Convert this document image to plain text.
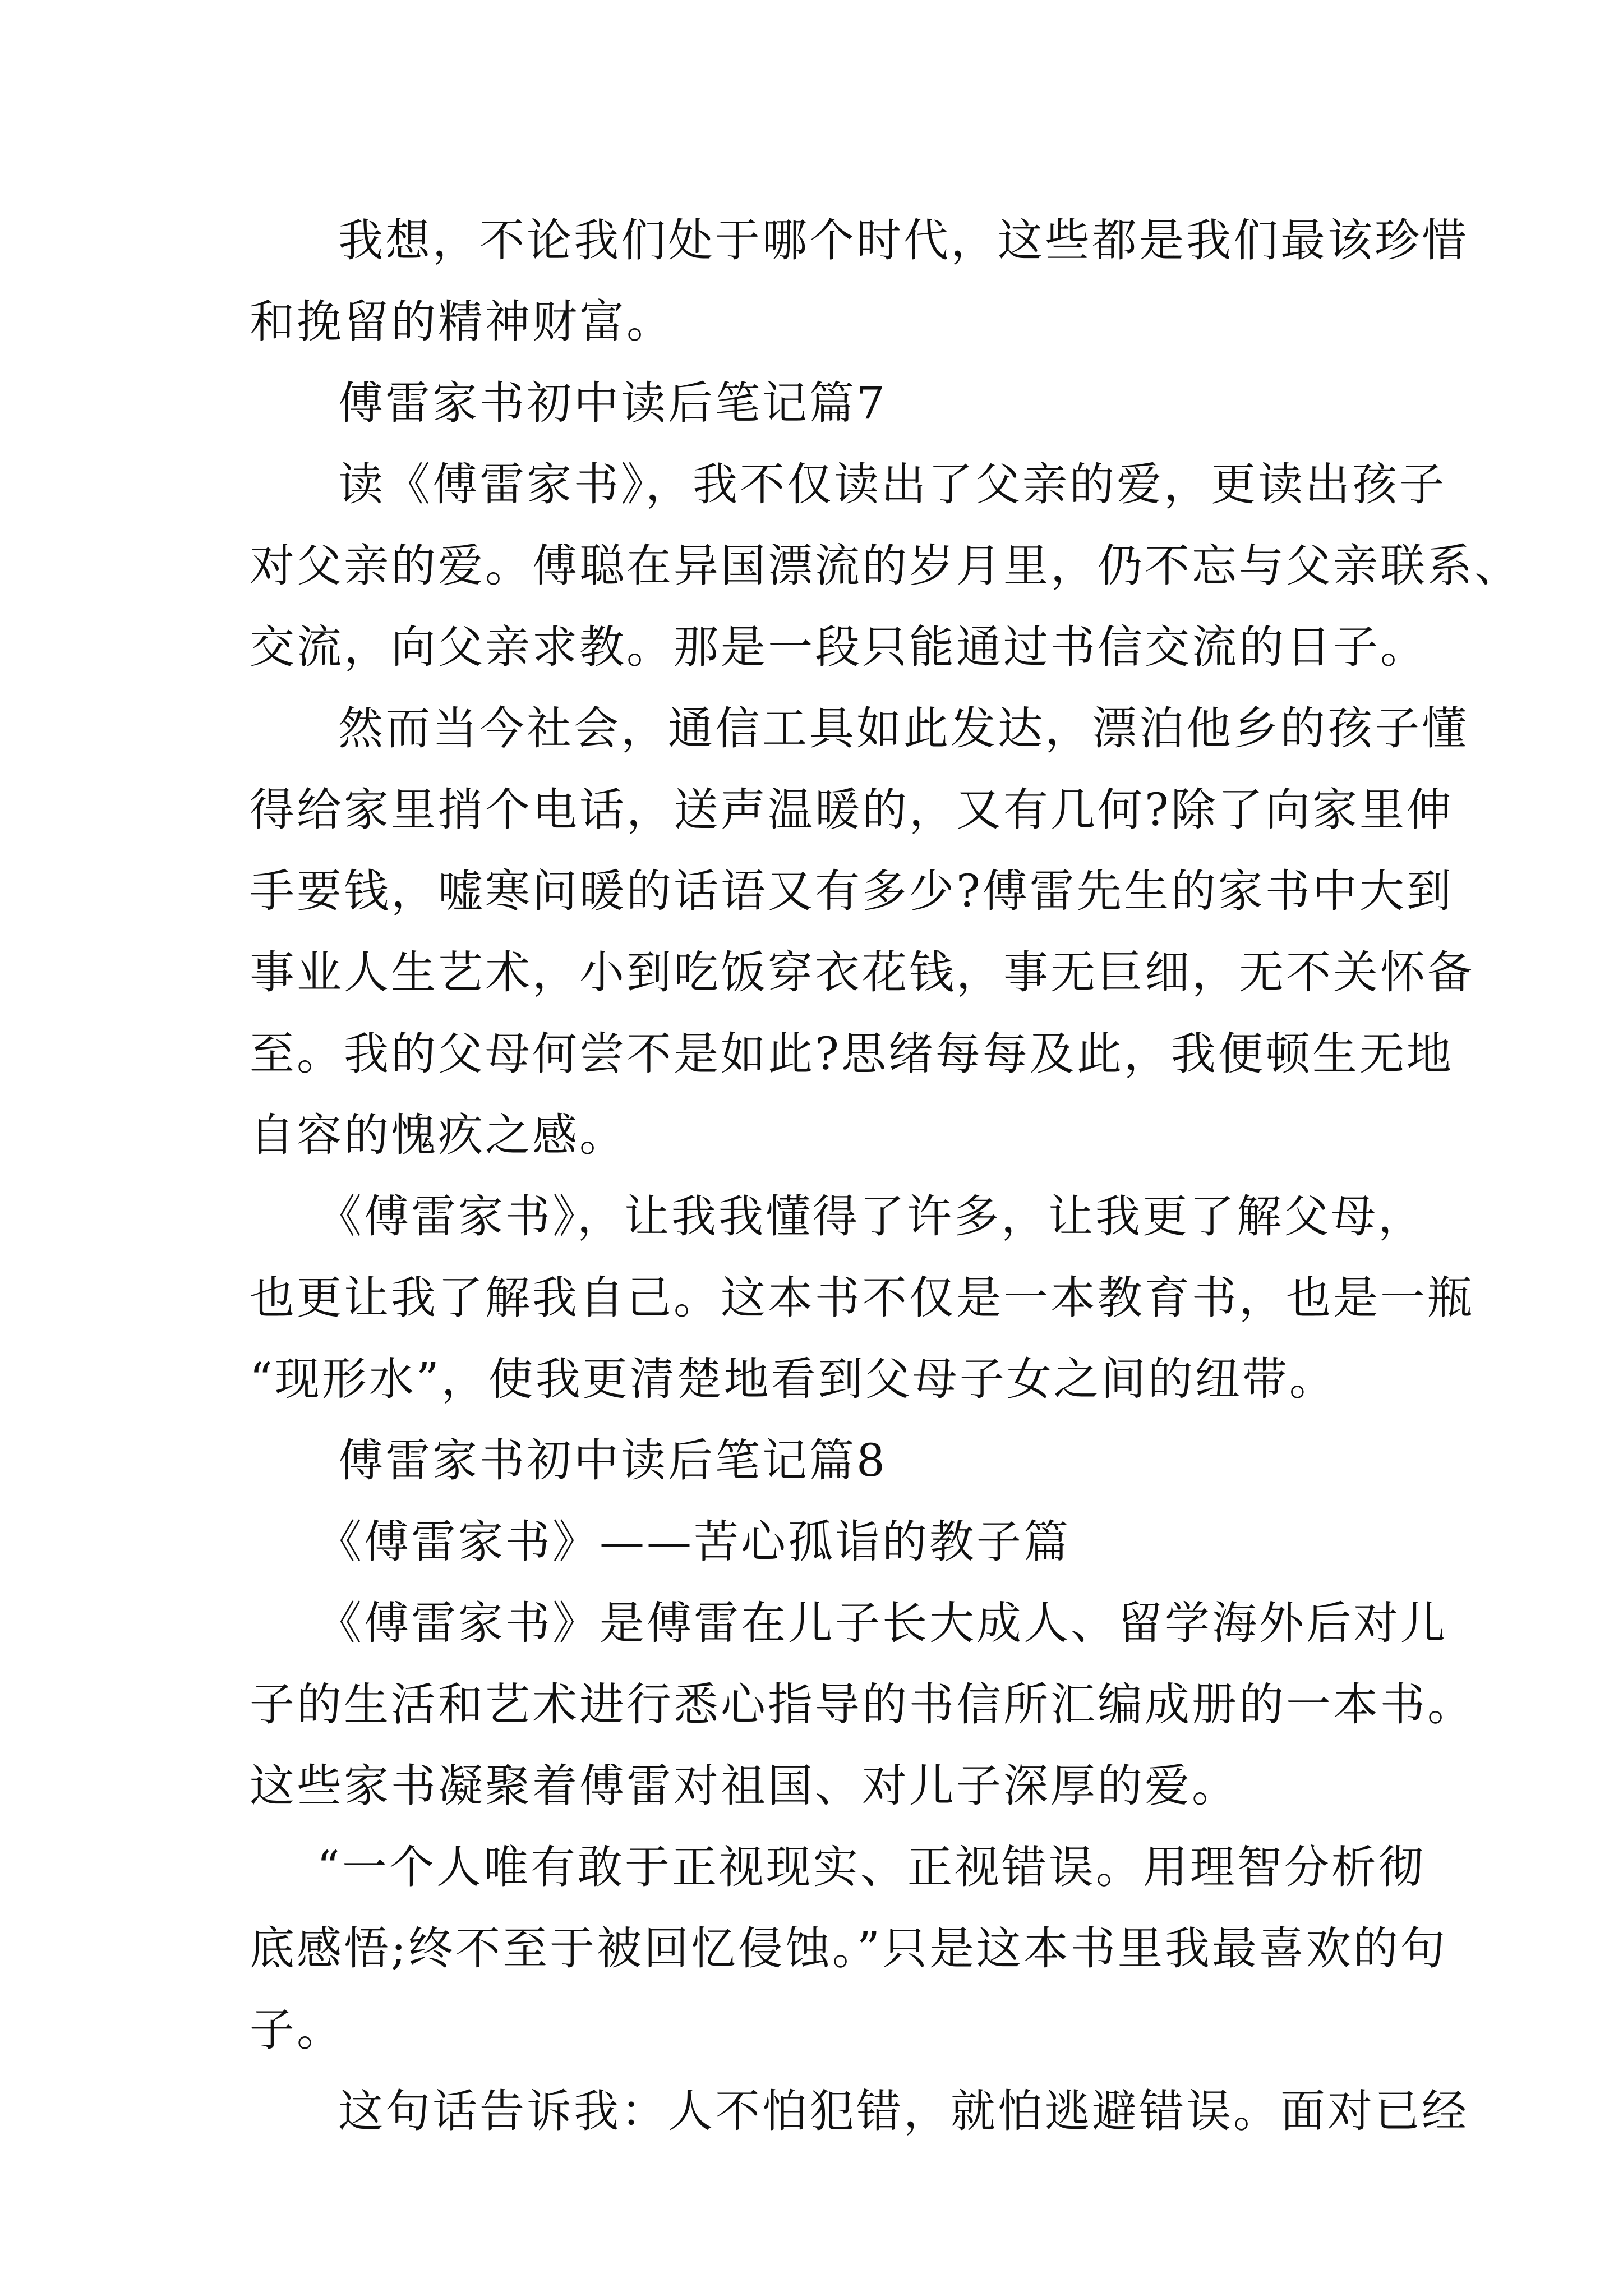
我想，不论我们处于哪个时代，这些都是我们最该珍惜
和挽留的精神财富。
傅雷家书初中读后笔记篇7
读《傅雷家书》，我不仅读出了父亲的爱，更读出孩子
对父亲的爱。傅聪在异国漂流的岁月里，仍不忘与父亲联系、
交流，向父亲求教。那是一段只能通过书信交流的日子。
然而当今社会，通信工具如此发达，漂泊他乡的孩子懂
得给家里捎个电话，送声温暖的，又有几何?除了向家里伸
手要钱，嘘寒问暖的话语又有多少?傅雷先生的家书中大到
事业人生艺术，小到吃饭穿衣花钱，事无巨细，无不关怀备
至。我的父母何尝不是如此?思绪每每及此，我便顿生无地
自容的愧疚之感。
《傅雷家书》，让我我懂得了许多，让我更了解父母，
也更让我了解我自己。这本书不仅是一本教育书，也是一瓶
“现形水”，使我更清楚地看到父母子女之间的纽带。
傅雷家书初中读后笔记篇8
《傅雷家书》——苦心孤诣的教子篇
《傅雷家书》是傅雷在儿子长大成人、留学海外后对儿
子的生活和艺术进行悉心指导的书信所汇编成册的一本书。
这些家书凝聚着傅雷对祖国、对儿子深厚的爱。
“一个人唯有敢于正视现实、正视错误。用理智分析彻
底感悟;终不至于被回忆侵蚀。”只是这本书里我最喜欢的句
子。
这句话告诉我：人不怕犯错，就怕逃避错误。面对已经
